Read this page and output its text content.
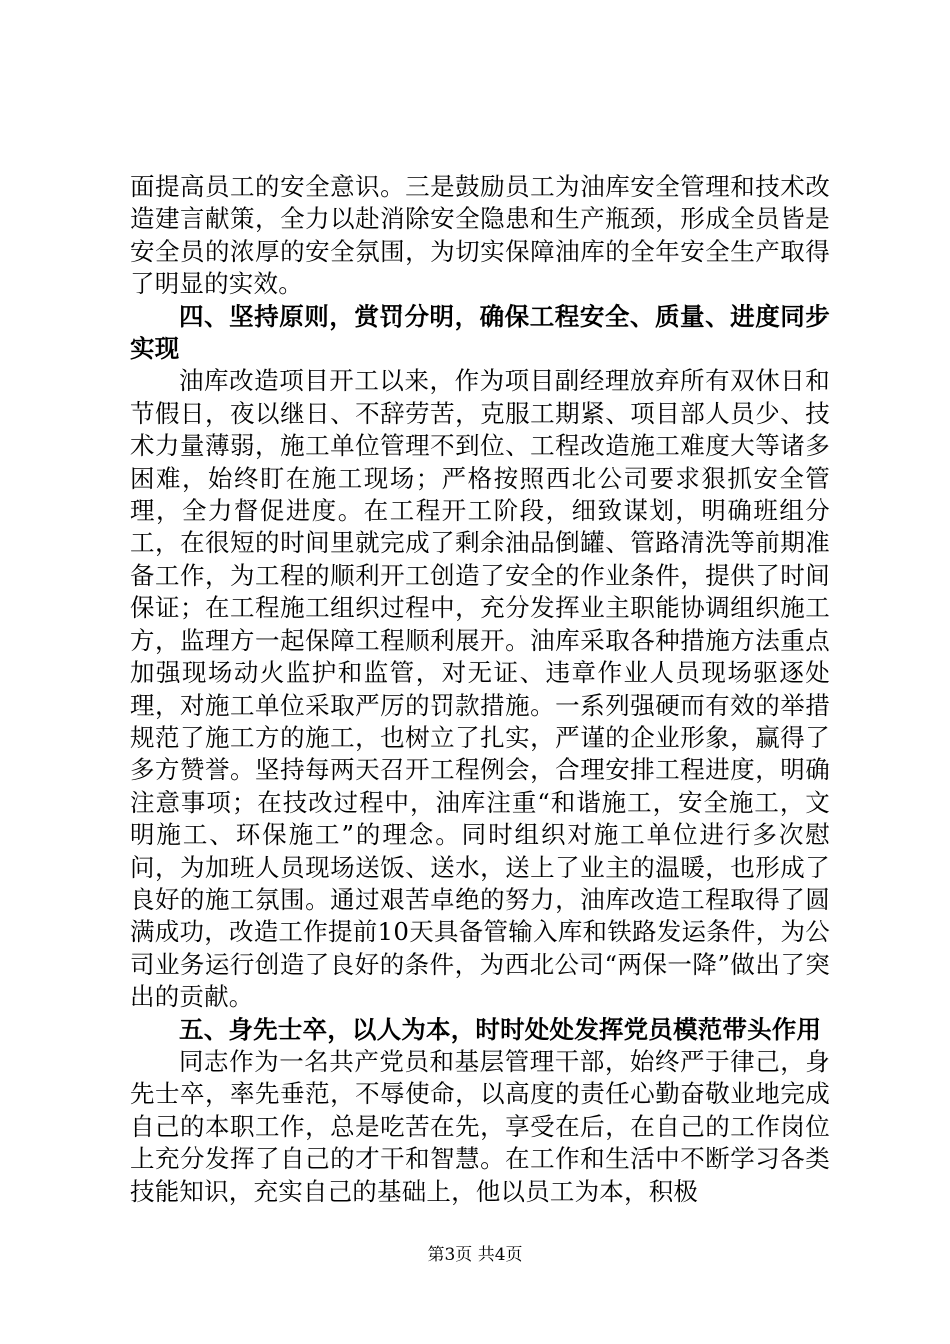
面提高员工的安全意识。三是鼓励员工为油库安全管理和技术改造建言献策，全力以赴消除安全隐患和生产瓶颈，形成全员皆是安全员的浓厚的安全氛围，为切实保障油库的全年安全生产取得了明显的实效。

四、坚持原则，赏罚分明，确保工程安全、质量、进度同步实现

油库改造项目开工以来，作为项目副经理放弃所有双休日和节假日，夜以继日、不辞劳苦，克服工期紧、项目部人员少、技术力量薄弱，施工单位管理不到位、工程改造施工难度大等诸多困难，始终盯在施工现场；严格按照西北公司要求狠抓安全管理，全力督促进度。在工程开工阶段，细致谋划，明确班组分工，在很短的时间里就完成了剩余油品倒罐、管路清洗等前期准备工作，为工程的顺利开工创造了安全的作业条件，提供了时间保证；在工程施工组织过程中，充分发挥业主职能协调组织施工方，监理方一起保障工程顺利展开。油库采取各种措施方法重点加强现场动火监护和监管，对无证、违章作业人员现场驱逐处理，对施工单位采取严厉的罚款措施。一系列强硬而有效的举措规范了施工方的施工，也树立了扎实，严谨的企业形象，赢得了多方赞誉。坚持每两天召开工程例会，合理安排工程进度，明确注意事项；在技改过程中，油库注重“和谐施工，安全施工，文明施工、环保施工”的理念。同时组织对施工单位进行多次慰问，为加班人员现场送饭、送水，送上了业主的温暖，也形成了良好的施工氛围。通过艰苦卓绝的努力，油库改造工程取得了圆满成功，改造工作提前10天具备管输入库和铁路发运条件，为公司业务运行创造了良好的条件，为西北公司“两保一降”做出了突出的贡献。

五、身先士卒，以人为本，时时处处发挥党员模范带头作用

同志作为一名共产党员和基层管理干部，始终严于律己，身先士卒，率先垂范，不辱使命，以高度的责任心勤奋敬业地完成自己的本职工作，总是吃苦在先，享受在后，在自己的工作岗位上充分发挥了自己的才干和智慧。在工作和生活中不断学习各类技能知识，充实自己的基础上，他以员工为本，积极

第3页 共4页
